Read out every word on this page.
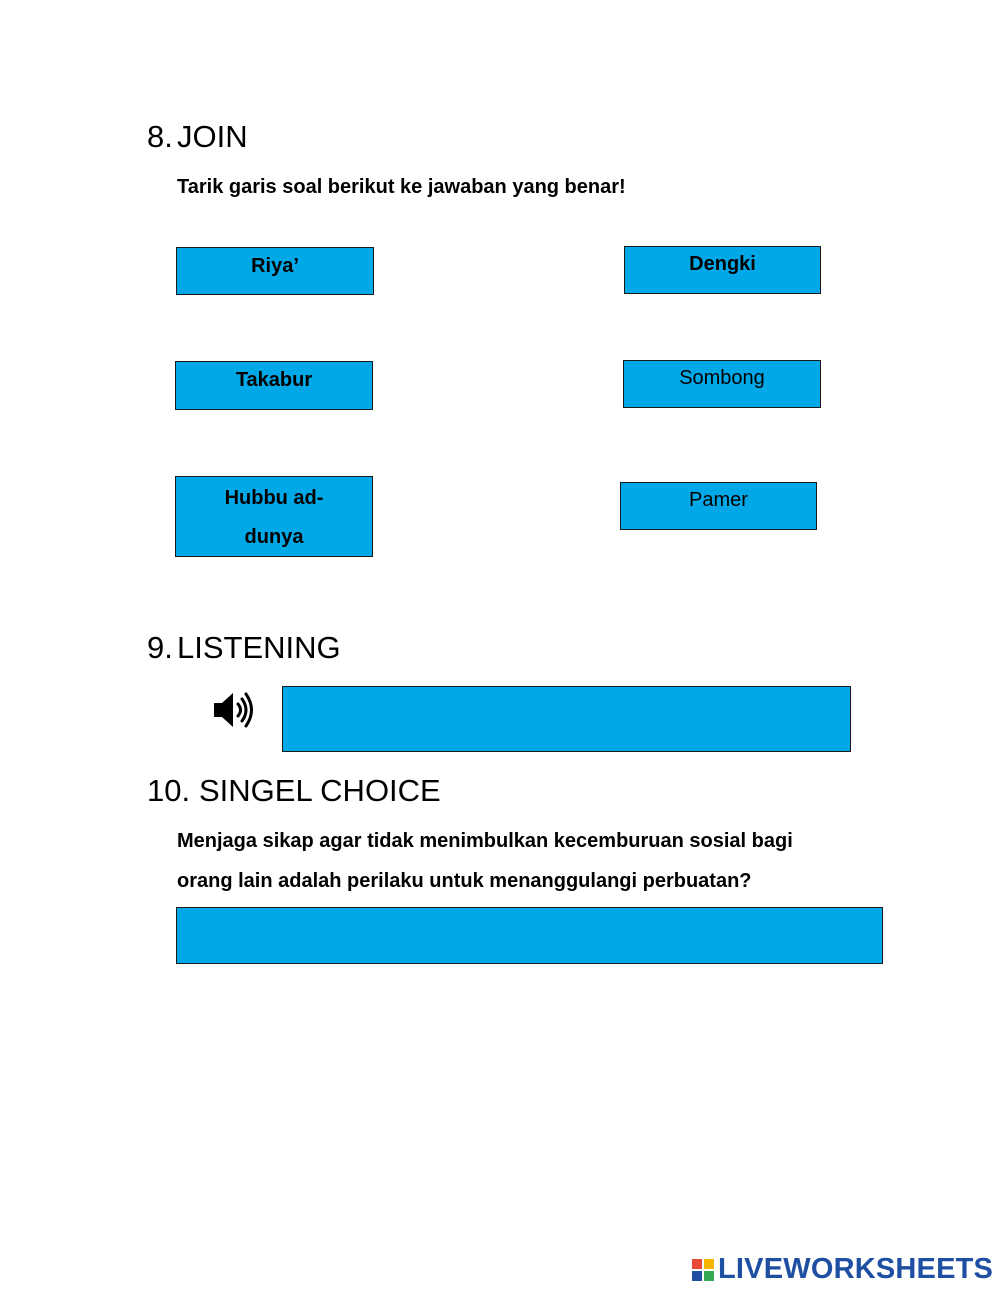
8. JOIN
Tarik garis soal berikut ke jawaban yang benar!
Riya’
Takabur
Hubbu ad-
dunya
Dengki
Sombong
Pamer
9. LISTENING
10. SINGEL CHOICE
Menjaga sikap agar tidak menimbulkan kecemburuan sosial bagi
orang lain adalah perilaku untuk menanggulangi perbuatan?
LIVEWORKSHEETS
